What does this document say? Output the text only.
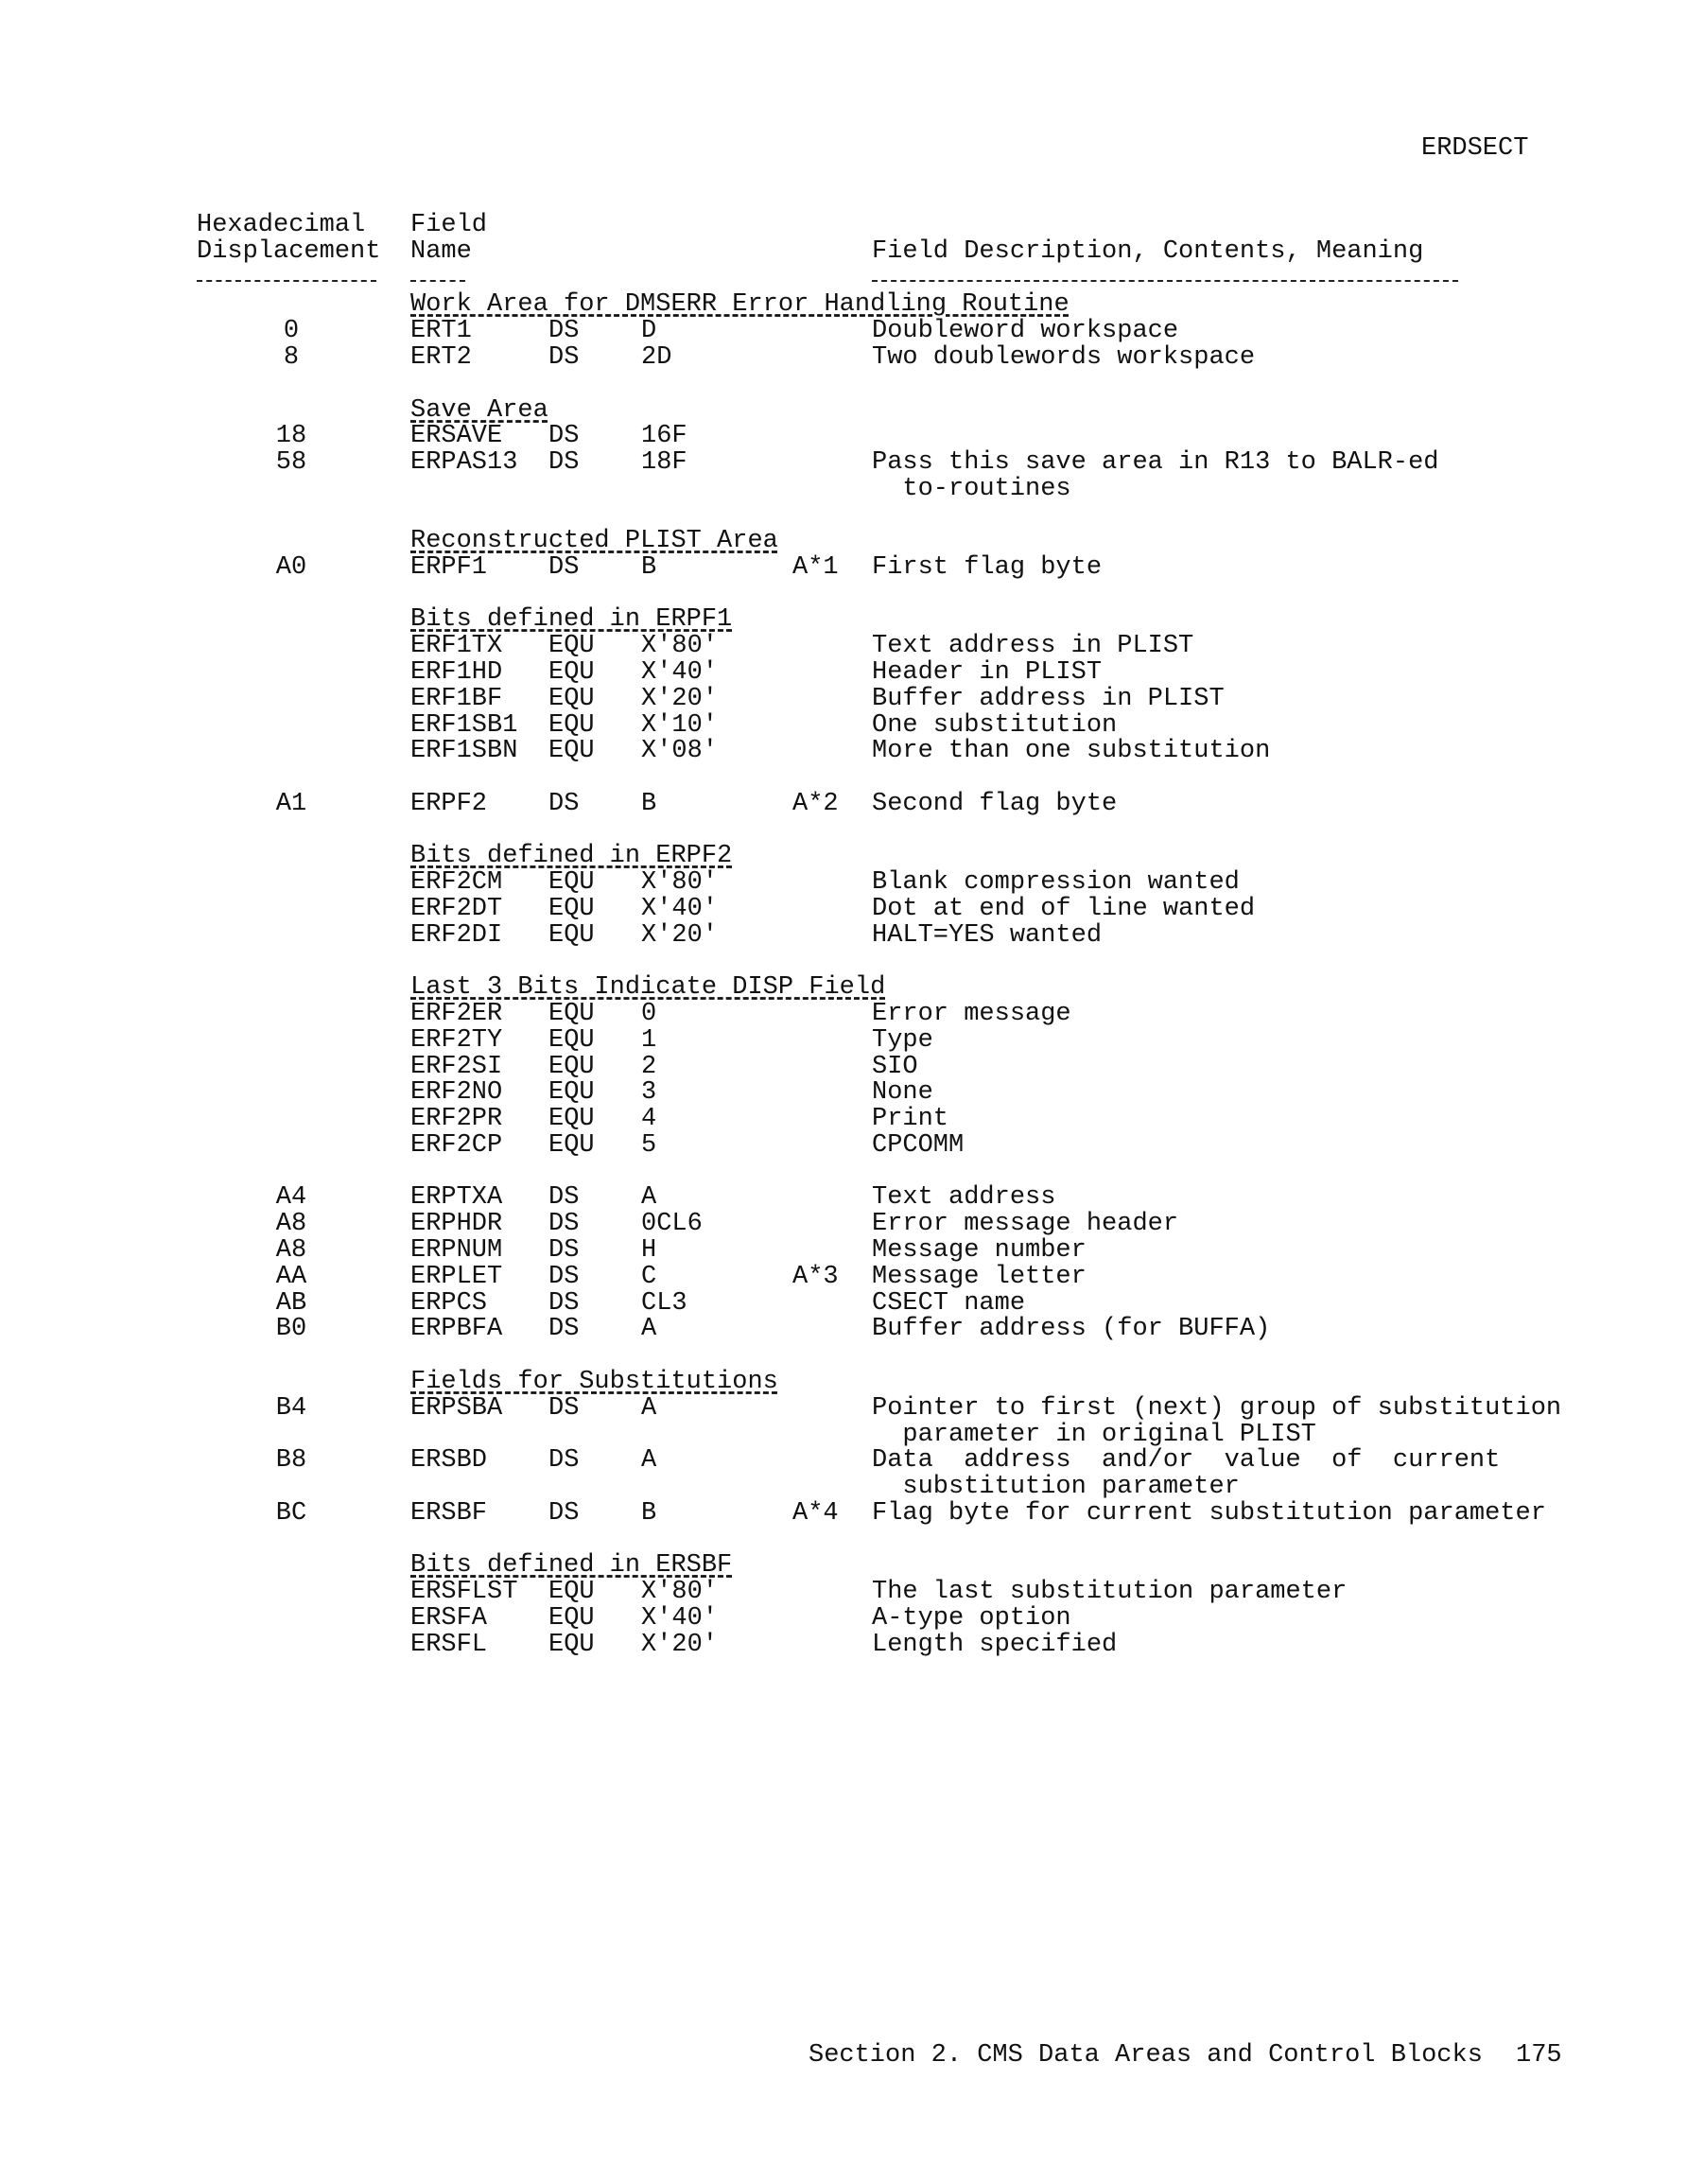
ERDSECT
Hexadecimal
Displacement
Field
Name	Field Description, Contents, Meaning
Work Area for DMSERR Error Handling Routine
Save Area
Reconstructed PLIST Area
Bits defined in ERPF1
Bits defined in ERPF2
Last 3 Bits Indicate DISP Field
Fields for Substitutions
Bits defined in ERSBF
0	ERT1	DS D	Doubleword workspace
8	ERT2	DS 2D	Two doublewords workspace
18	ERSAVE DS 16F
58	ERPAS13 DS 18F	Pass this save area in R13 to BALR-ed
to-routines
A0	ERPF1 DS B	A*1 First flag byte
ERF1TX EQU X'80'	Text address in PLIST
ERF1HD EQU X'40'	Header in PLIST
ERF1BF EQU X'20'	Buffer address in PLIST
ERF1SB1 EQU X'10'	One substitution
ERF1SBN EQU X'08'	More than one substitution
A1	ERPF2 DS B	A*2 Second flag byte
ERF2CM EQU X'80'	Blank compression wanted
ERF2DT EQU X'40'	Dot at end of line wanted
ERF2DI EQU X'20'	HALT=YES wanted
ERF2ER EQU 0	Error message
ERF2TY EQU 1	Type
ERF2SI EQU 2	SIO
ERF2NO EQU 3	None
ERF2PR EQU 4	Print
ERF2CP EQU 5	CPCOMM
A4	ERPTXA DS A	Text address
A8	ERPHDR DS 0CL6	Error message header
A8	ERPNUM DS H	Message number
AA	ERPLET DS C	A*3 Message letter
AB	ERPCS DS CL3	CSECT name
B0	ERPBFA DS A	Buffer address (for BUFFA)
B4	ERPSBA DS A	Pointer to first (next) group of substitution
parameter in original PLIST
B8	ERSBD DS A	Data  address  and/or  value  of  current
substitution parameter
BC	ERSBF DS B	A*4 Flag byte for current substitution parameter
ERSFLST EQU X'80'	The last substitution parameter
ERSFA EQU X'40'	A-type option
ERSFL EQU X'20'	Length specified
Section 2. CMS Data Areas and Control Blocks 175
